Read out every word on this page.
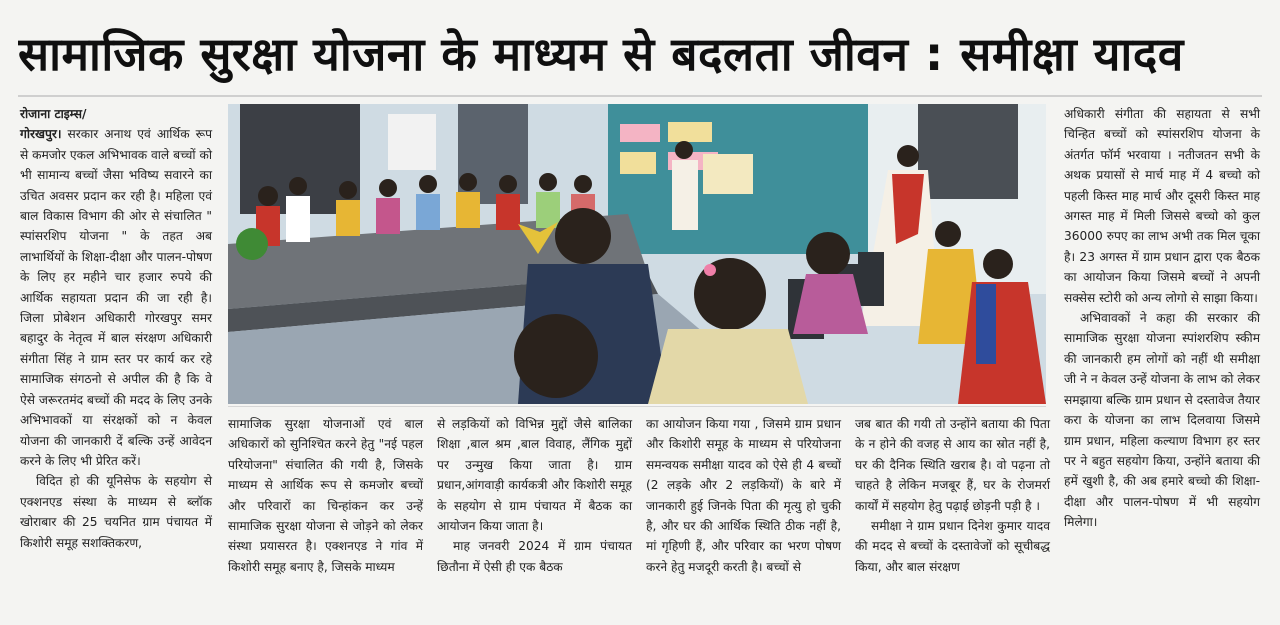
सामाजिक सुरक्षा योजना के माध्यम से बदलता जीवन : समीक्षा यादव

रोजाना टाइम्स/
गोरखपुर। सरकार अनाथ एवं आर्थिक रूप से कमजोर एकल अभिभावक वाले बच्चों को भी सामान्य बच्चों जैसा भविष्य सवारने का उचित अवसर प्रदान कर रही है। महिला एवं बाल विकास विभाग की ओर से संचालित " स्पांसरशिप योजना " के तहत अब लाभार्थियों के शिक्षा-दीक्षा और पालन-पोषण के लिए हर महीने चार हजार रुपये की आर्थिक सहायता प्रदान की जा रही है। जिला प्रोबेशन अधिकारी गोरखपुर समर बहादुर के नेतृत्व में बाल संरक्षण अधिकारी संगीता सिंह ने ग्राम स्तर पर कार्य कर रहे सामाजिक संगठनो से अपील की है कि वे ऐसे जरूरतमंद बच्चों की मदद के लिए उनके अभिभावकों या संरक्षकों को न केवल योजना की जानकारी दें बल्कि उन्हें आवेदन करने के लिए भी प्रेरित करें।

विदित हो की यूनिसेफ के सहयोग से एक्शनएड संस्था के माध्यम से ब्लॉक खोराबार की 25 चयनित ग्राम पंचायत में किशोरी समूह सशक्तिकरण,

सामाजिक सुरक्षा योजनाओं एवं बाल अधिकारों को सुनिश्चित करने हेतु "नई पहल परियोजना" संचालित की गयी है, जिसके माध्यम से आर्थिक रूप से कमजोर बच्चों और परिवारों का चिन्हांकन कर उन्हें सामाजिक सुरक्षा योजना से जोड़ने को लेकर संस्था प्रयासरत है। एक्शनएड ने गांव में किशोरी समूह बनाए है, जिसके माध्यम

से लड़कियों को विभिन्न मुद्दों जैसे बालिका शिक्षा ,बाल श्रम ,बाल विवाह, लैंगिक मुद्दों पर उन्मुख किया जाता है। ग्राम प्रधान,आंगवाड़ी कार्यकत्री और किशोरी समूह के सहयोग से ग्राम पंचायत में बैठक का आयोजन किया जाता है।

माह जनवरी 2024 में ग्राम पंचायत छितौना में ऐसी ही एक बैठक

का आयोजन किया गया , जिसमे ग्राम प्रधान और किशोरी समूह के माध्यम से परियोजना समन्वयक समीक्षा यादव को ऐसे ही 4 बच्चों (2 लड़के और 2 लड़कियों) के बारे में जानकारी हुई जिनके पिता की मृत्यु हो चुकी है, और घर की आर्थिक स्थिति ठीक नहीं है, मां गृहिणी हैं, और परिवार का भरण पोषण करने हेतु मजदूरी करती है। बच्चों से

जब बात की गयी तो उन्होंने बताया की पिता के न होने की वजह से आय का स्रोत नहीं है, घर की दैनिक स्थिति खराब है। वो पढ़ना तो चाहते है लेकिन मजबूर हैं, घर के रोजमर्रा कार्यों में सहयोग हेतु पढ़ाई छोड़नी पड़ी है ।

समीक्षा ने ग्राम प्रधान दिनेश कुमार यादव की मदद से बच्चों के दस्तावेजों को सूचीबद्ध किया, और बाल संरक्षण

अधिकारी संगीता की सहायता से सभी चिन्हित बच्चों को स्पांसरशिप योजना के अंतर्गत फॉर्म भरवाया । नतीजतन सभी के अथक प्रयासों से मार्च माह में 4 बच्चो को पहली किस्त माह मार्च और दूसरी किस्त माह अगस्त माह में मिली जिससे बच्चो को कुल 36000 रुपए का लाभ अभी तक मिल चूका है। 23 अगस्त में ग्राम प्रधान द्वारा एक बैठक का आयोजन किया जिसमे बच्चों ने अपनी सक्सेस स्टोरी को अन्य लोगो से साझा किया।

अभिवावकों ने कहा की सरकार की सामाजिक सुरक्षा योजना स्पांशरशिप स्कीम की जानकारी हम लोगों को नहीं थी समीक्षा जी ने न केवल उन्हें योजना के लाभ को लेकर समझाया बल्कि ग्राम प्रधान से दस्तावेज तैयार करा के योजना का लाभ दिलवाया जिसमे ग्राम प्रधान, महिला कल्याण विभाग हर स्तर पर ने बहुत सहयोग किया, उन्होंने बताया की हमें खुशी है, की अब हमारे बच्चो की शिक्षा-दीक्षा और पालन-पोषण में भी सहयोग मिलेगा।
